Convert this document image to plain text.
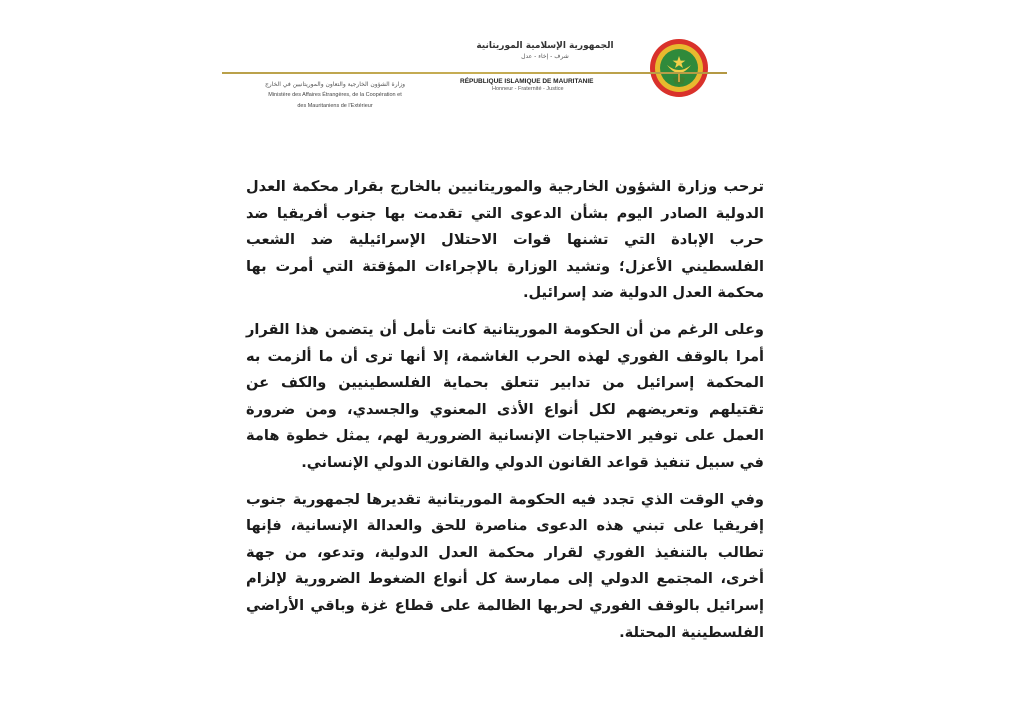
الجمهورية الإسلامية الموريتانية
شرف - إخاء - عدل
RÉPUBLIQUE ISLAMIQUE DE MAURITANIE
Honneur - Fraternité - Justice
وزارة الشؤون الخارجية والتعاون والموريتانيين في الخارج
Ministère des Affaires Étrangères, de la Coopération et
des Mauritaniens de l'Extérieur

ترحب وزارة الشؤون الخارجية والموريتانيين بالخارج بقرار محكمة العدل الدولية الصادر اليوم بشأن الدعوى التي تقدمت بها جنوب أفريقيا ضد حرب الإبادة التي تشنها قوات الاحتلال الإسرائيلية ضد الشعب الفلسطيني الأعزل؛ وتشيد الوزارة بالإجراءات المؤقتة التي أمرت بها محكمة العدل الدولية ضد إسرائيل.

وعلى الرغم من أن الحكومة الموريتانية كانت تأمل أن يتضمن هذا القرار أمرا بالوقف الفوري لهذه الحرب الغاشمة، إلا أنها ترى أن ما ألزمت به المحكمة إسرائيل من تدابير تتعلق بحماية الفلسطينيين والكف عن تقتيلهم وتعريضهم لكل أنواع الأذى المعنوي والجسدي، ومن ضرورة العمل على توفير الاحتياجات الإنسانية الضرورية لهم، يمثل خطوة هامة في سبيل تنفيذ قواعد القانون الدولي والقانون الدولي الإنساني.

وفي الوقت الذي تجدد فيه الحكومة الموريتانية تقديرها لجمهورية جنوب إفريقيا على تبني هذه الدعوى مناصرة للحق والعدالة الإنسانية، فإنها تطالب بالتنفيذ الفوري لقرار محكمة العدل الدولية، وتدعو، من جهة أخرى، المجتمع الدولي إلى ممارسة كل أنواع الضغوط الضرورية لإلزام إسرائيل بالوقف الفوري لحربها الظالمة على قطاع غزة وباقي الأراضي الفلسطينية المحتلة.
